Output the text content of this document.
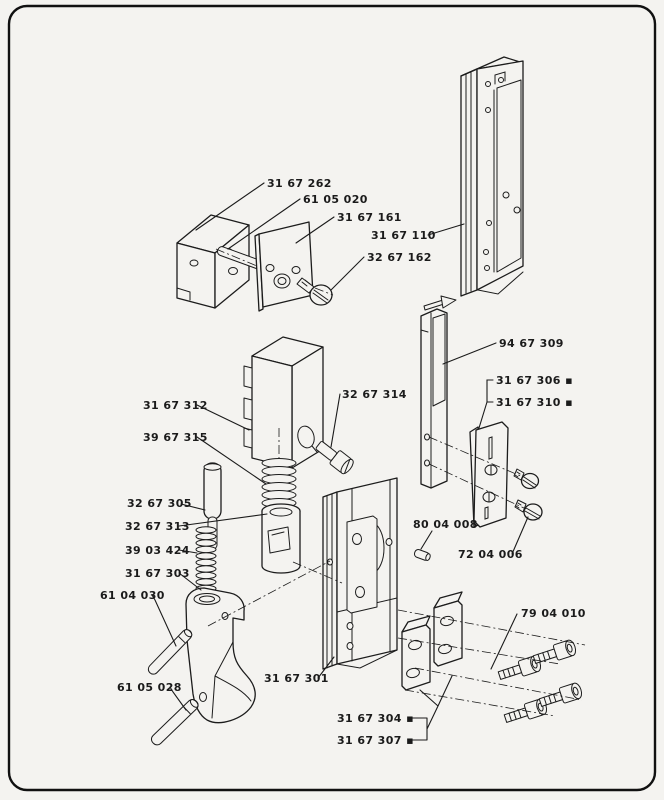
31 67 262
61 05 020
31 67 161
31 67 110
32 67 162
94 67 309
31 67 306 ▪
31 67 310 ▪
32 67 314
31 67 312
39 67 315
32 67 305
32 67 313
39 03 424
31 67 303
61 04 030
80 04 008
72 04 006
61 05 028
31 67 301
79 04 010
31 67 304 ▪
31 67 307 ▪
